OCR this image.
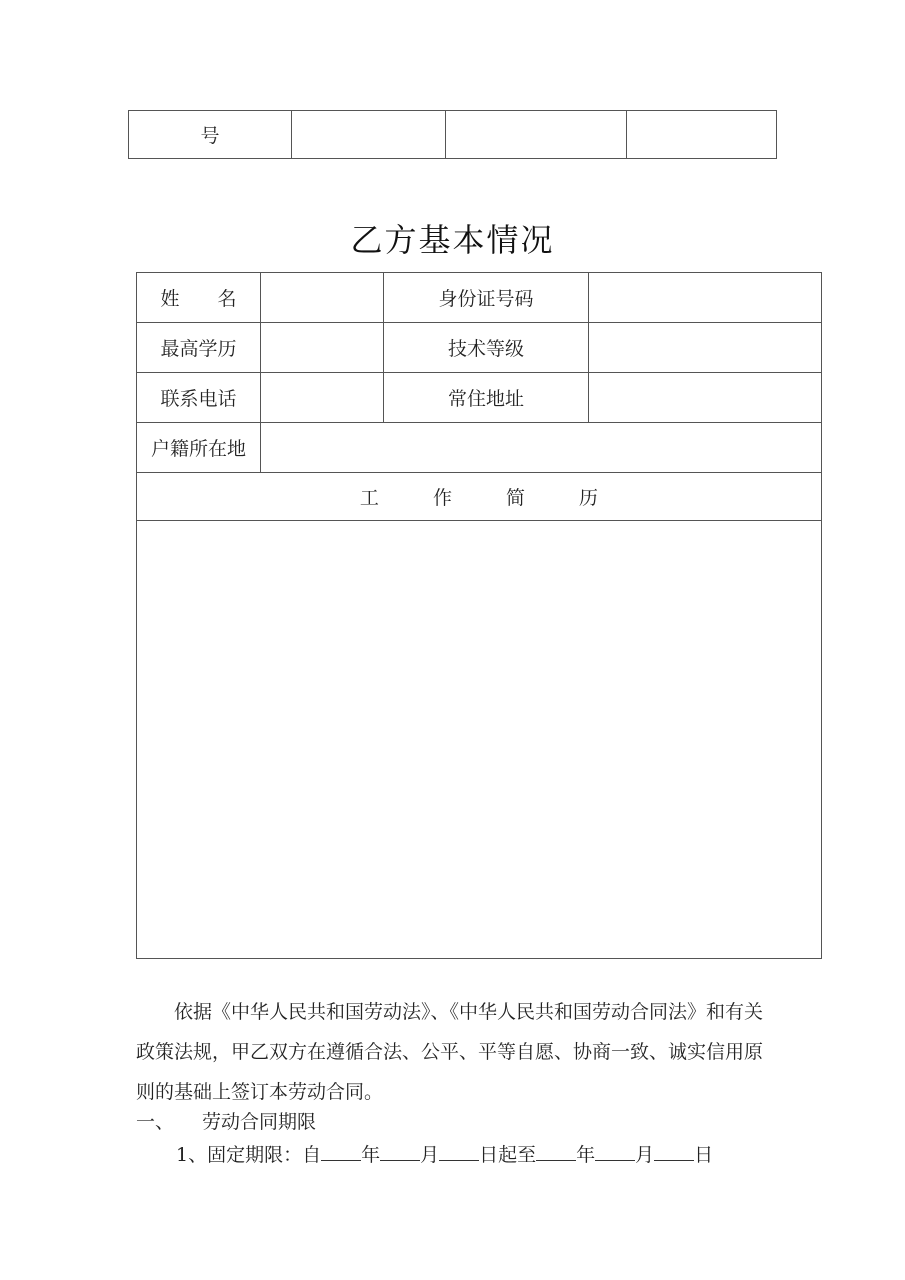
号			
乙方基本情况
姓　　名		身份证号码	
最高学历		技术等级	
联系电话		常住地址	
户籍所在地			
工 作 简 历			

依据《中华人民共和国劳动法》、《中华人民共和国劳动合同法》和有关政策法规，甲乙双方在遵循合法、公平、平等自愿、协商一致、诚实信用原则的基础上签订本劳动合同。
一、 劳动合同期限
1、固定期限：自 年 月 日起至 年 月 日
